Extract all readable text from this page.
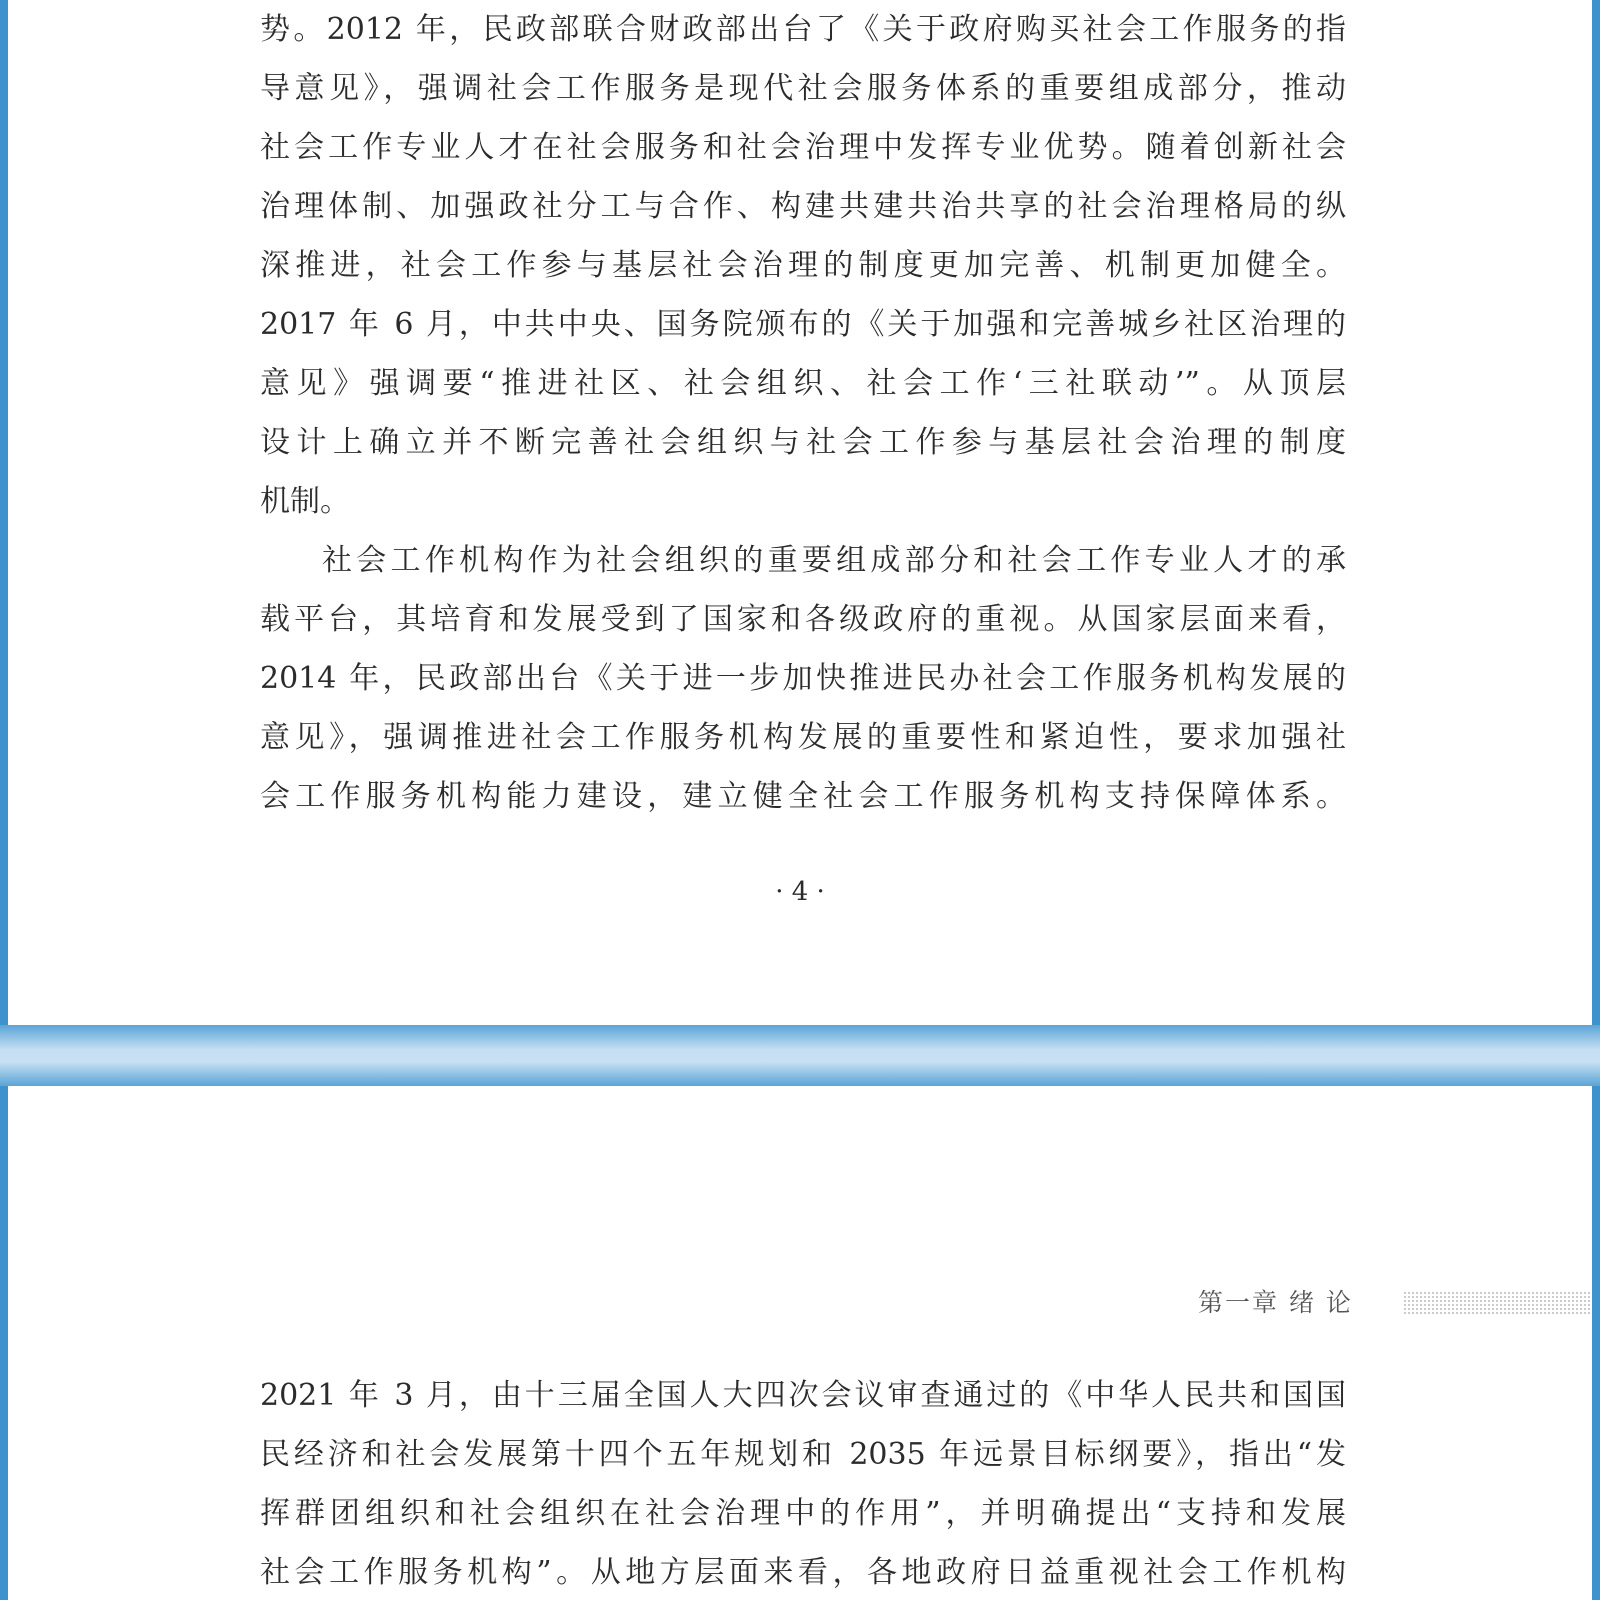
势。2012 年，民政部联合财政部出台了《关于政府购买社会工作服务的指
导意见》，强调社会工作服务是现代社会服务体系的重要组成部分，推动
社会工作专业人才在社会服务和社会治理中发挥专业优势。随着创新社会
治理体制、加强政社分工与合作、构建共建共治共享的社会治理格局的纵
深推进，社会工作参与基层社会治理的制度更加完善、机制更加健全。
2017 年 6 月，中共中央、国务院颁布的《关于加强和完善城乡社区治理的
意见》强调要“推进社区、社会组织、社会工作‘三社联动’”。从顶层
设计上确立并不断完善社会组织与社会工作参与基层社会治理的制度
机制。
社会工作机构作为社会组织的重要组成部分和社会工作专业人才的承
载平台，其培育和发展受到了国家和各级政府的重视。从国家层面来看，
2014 年，民政部出台《关于进一步加快推进民办社会工作服务机构发展的
意见》，强调推进社会工作服务机构发展的重要性和紧迫性，要求加强社
会工作服务机构能力建设，建立健全社会工作服务机构支持保障体系。
· 4 ·
第一章 绪 论
2021 年 3 月，由十三届全国人大四次会议审查通过的《中华人民共和国国
民经济和社会发展第十四个五年规划和 2035 年远景目标纲要》，指出“发
挥群团组织和社会组织在社会治理中的作用”，并明确提出“支持和发展
社会工作服务机构”。从地方层面来看，各地政府日益重视社会工作机构
